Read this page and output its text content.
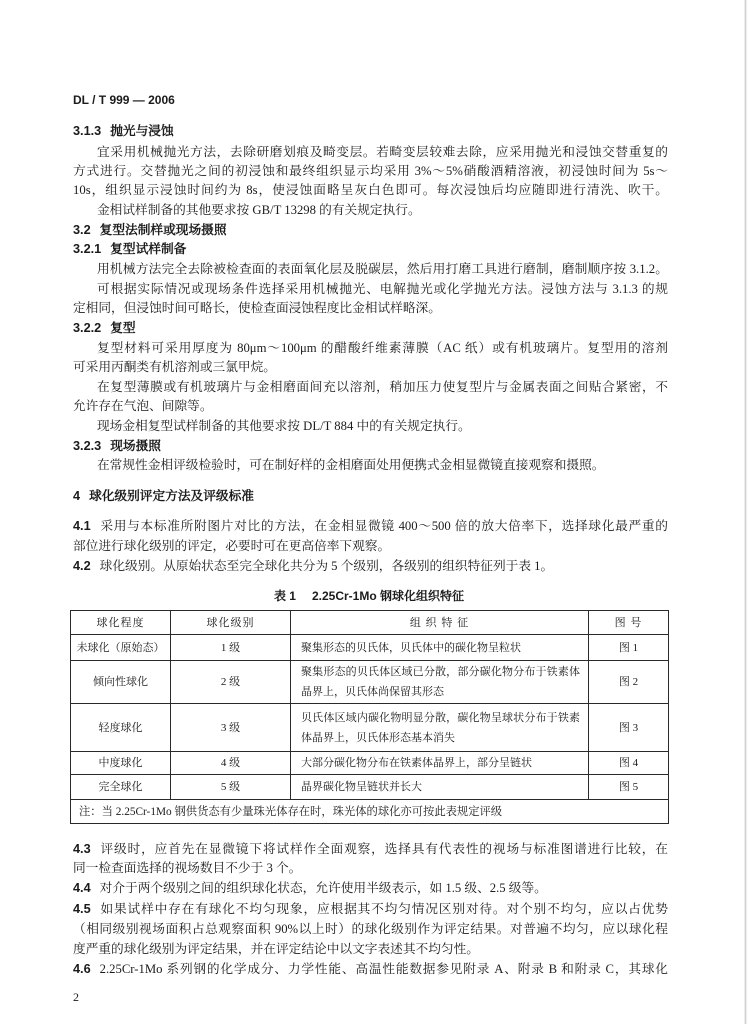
DL / T 999 — 2006
3.1.3 抛光与浸蚀
宜采用机械抛光方法，去除研磨划痕及畸变层。若畸变层较难去除，应采用抛光和浸蚀交替重复的
方式进行。交替抛光之间的初浸蚀和最终组织显示均采用 3%～5%硝酸酒精溶液，初浸蚀时间为 5s～
10s，组织显示浸蚀时间约为 8s，使浸蚀面略呈灰白色即可。每次浸蚀后均应随即进行清洗、吹干。
金相试样制备的其他要求按 GB/T 13298 的有关规定执行。
3.2 复型法制样或现场摄照
3.2.1 复型试样制备
用机械方法完全去除被检查面的表面氧化层及脱碳层，然后用打磨工具进行磨制，磨制顺序按 3.1.2。
可根据实际情况或现场条件选择采用机械抛光、电解抛光或化学抛光方法。浸蚀方法与 3.1.3 的规
定相同，但浸蚀时间可略长，使检查面浸蚀程度比金相试样略深。
3.2.2 复型
复型材料可采用厚度为 80μm～100μm 的醋酸纤维素薄膜（AC 纸）或有机玻璃片。复型用的溶剂
可采用丙酮类有机溶剂或三氯甲烷。
在复型薄膜或有机玻璃片与金相磨面间充以溶剂，稍加压力使复型片与金属表面之间贴合紧密，不
允许存在气泡、间隙等。
现场金相复型试样制备的其他要求按 DL/T 884 中的有关规定执行。
3.2.3 现场摄照
在常规性金相评级检验时，可在制好样的金相磨面处用便携式金相显微镜直接观察和摄照。
4 球化级别评定方法及评级标准
4.1 采用与本标准所附图片对比的方法，在金相显微镜 400～500 倍的放大倍率下，选择球化最严重的
部位进行球化级别的评定，必要时可在更高倍率下观察。
4.2 球化级别。从原始状态至完全球化共分为 5 个级别，各级别的组织特征列于表 1。
表 1 2.25Cr-1Mo 钢球化组织特征
球化程度	球化级别	组 织 特 征	图 号
未球化（原始态）	1 级	聚集形态的贝氏体，贝氏体中的碳化物呈粒状	图 1
倾向性球化	2 级	聚集形态的贝氏体区域已分散，部分碳化物分布于铁素体
晶界上，贝氏体尚保留其形态	图 2
轻度球化	3 级	贝氏体区域内碳化物明显分散，碳化物呈球状分布于铁素
体晶界上，贝氏体形态基本消失	图 3
中度球化	4 级	大部分碳化物分布在铁素体晶界上，部分呈链状	图 4
完全球化	5 级	晶界碳化物呈链状并长大	图 5
注：当 2.25Cr-1Mo 钢供货态有少量珠光体存在时，珠光体的球化亦可按此表规定评级			
4.3 评级时，应首先在显微镜下将试样作全面观察，选择具有代表性的视场与标准图谱进行比较，在
同一检查面选择的视场数目不少于 3 个。
4.4 对介于两个级别之间的组织球化状态，允许使用半级表示，如 1.5 级、2.5 级等。
4.5 如果试样中存在有球化不均匀现象，应根据其不均匀情况区别对待。对个别不均匀，应以占优势
（相同级别视场面积占总观察面积 90%以上时）的球化级别作为评定结果。对普遍不均匀，应以球化程
度严重的球化级别为评定结果，并在评定结论中以文字表述其不均匀性。
4.6 2.25Cr-1Mo 系列钢的化学成分、力学性能、高温性能数据参见附录 A、附录 B 和附录 C，其球化
2
